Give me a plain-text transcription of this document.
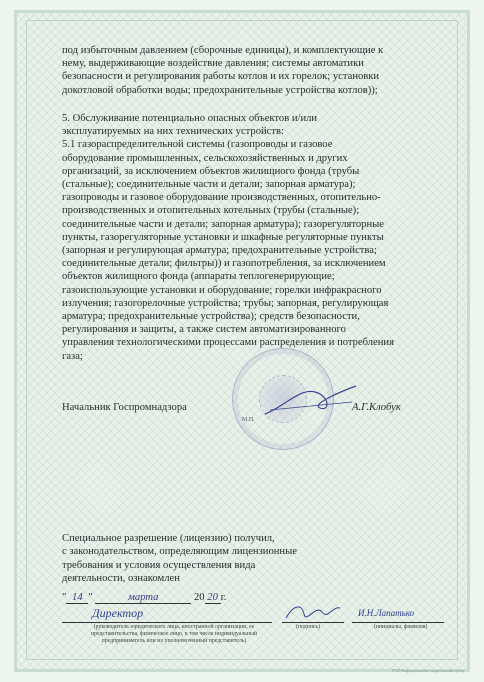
под избыточным давлением (сборочные единицы), и комплектующие к
нему, выдерживающие воздействие давления; системы автоматики
безопасности и регулирования работы котлов и их горелок; установки
докотловой обработки воды; предохранительные устройства котлов));
5. Обслуживание потенциально опасных объектов и/или
эксплуатируемых на них технических устройств:
5.1 газораспределительной системы (газопроводы и газовое
оборудование промышленных, сельскохозяйственных и других
организаций, за исключением объектов жилищного фонда (трубы
(стальные); соединительные части и детали; запорная арматура);
газопроводы и газовое оборудование производственных, отопительно-
производственных и отопительных котельных (трубы (стальные);
соединительные части и детали; запорная арматура); газорегуляторные
пункты, газорегуляторные установки и шкафные регуляторные пункты
(запорная и регулирующая арматура; предохранительные устройства;
соединительные детали; фильтры)) и газопотребления, за исключением
объектов жилищного фонда (аппараты теплогенерирующие;
газоиспользующие установки и оборудование; горелки инфракрасного
излучения; газогорелочные устройства; трубы; запорная, регулирующая
арматура; предохранительные устройства); средств безопасности,
регулирования и защиты, а также систем автоматизированного
управления технологическими процессами распределения и потребления
газа;
Начальник Госпромнадзора
М.П.
А.Г.Клобук
Специальное разрешение (лицензию) получил,
с законодательством, определяющим лицензионные
требования и условия осуществления вида
деятельности, ознакомлен
" 14 "	марта	20 20 г.
Директор	И.Н.Лапатько
(руководитель юридического лица, иностранной организации, ее
представительства, физическое лицо, в том числе индивидуальный
предприниматель или их уполномоченный представитель)
(подпись)	(инициалы, фамилия)
РУП Информационно-издательский центр
